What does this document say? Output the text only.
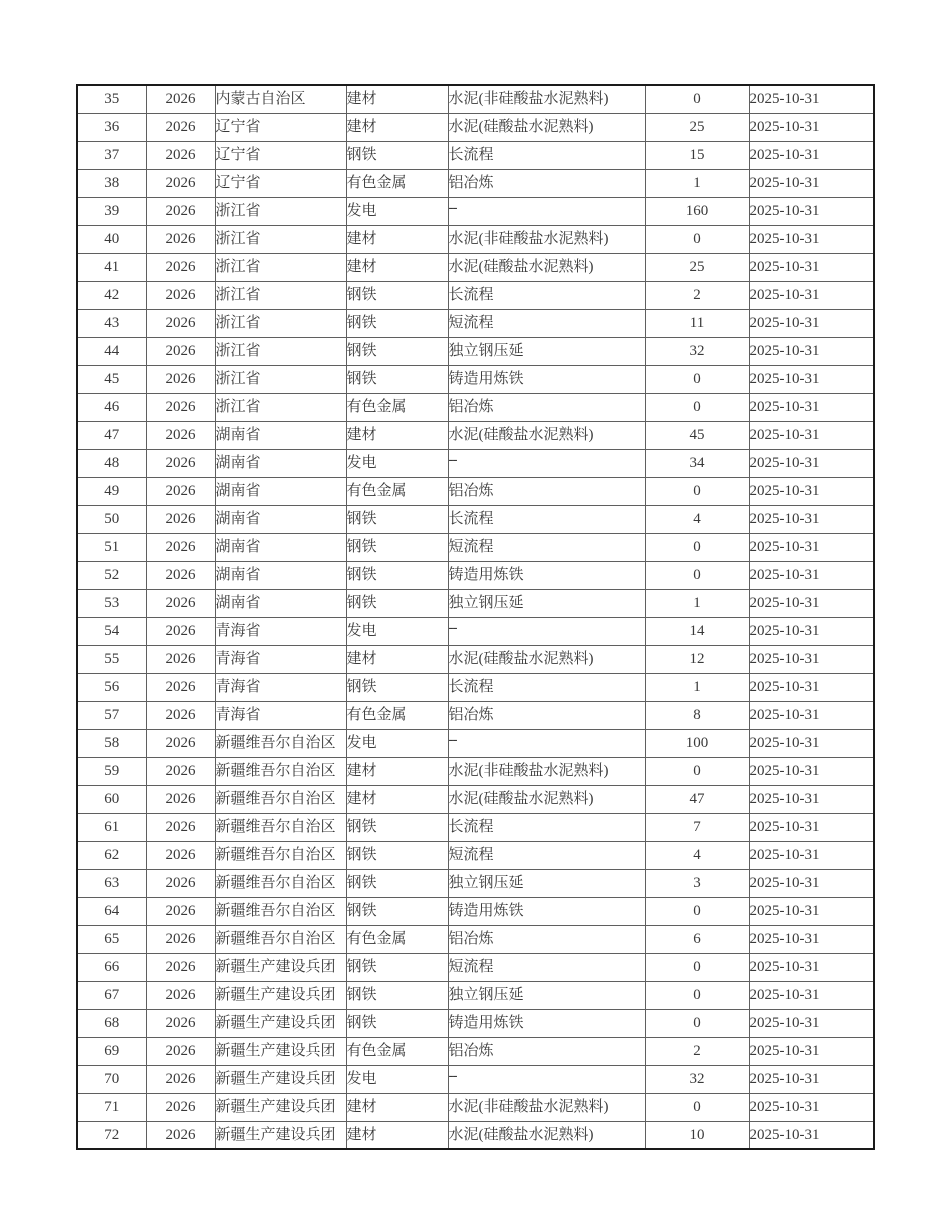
35	2026	内蒙古自治区	建材	水泥(非硅酸盐水泥熟料)	0	2025-10-31
36	2026	辽宁省	建材	水泥(硅酸盐水泥熟料)	25	2025-10-31
37	2026	辽宁省	钢铁	长流程	15	2025-10-31
38	2026	辽宁省	有色金属	铝冶炼	1	2025-10-31
39	2026	浙江省	发电	--	160	2025-10-31
40	2026	浙江省	建材	水泥(非硅酸盐水泥熟料)	0	2025-10-31
41	2026	浙江省	建材	水泥(硅酸盐水泥熟料)	25	2025-10-31
42	2026	浙江省	钢铁	长流程	2	2025-10-31
43	2026	浙江省	钢铁	短流程	11	2025-10-31
44	2026	浙江省	钢铁	独立钢压延	32	2025-10-31
45	2026	浙江省	钢铁	铸造用炼铁	0	2025-10-31
46	2026	浙江省	有色金属	铝冶炼	0	2025-10-31
47	2026	湖南省	建材	水泥(硅酸盐水泥熟料)	45	2025-10-31
48	2026	湖南省	发电	--	34	2025-10-31
49	2026	湖南省	有色金属	铝冶炼	0	2025-10-31
50	2026	湖南省	钢铁	长流程	4	2025-10-31
51	2026	湖南省	钢铁	短流程	0	2025-10-31
52	2026	湖南省	钢铁	铸造用炼铁	0	2025-10-31
53	2026	湖南省	钢铁	独立钢压延	1	2025-10-31
54	2026	青海省	发电	--	14	2025-10-31
55	2026	青海省	建材	水泥(硅酸盐水泥熟料)	12	2025-10-31
56	2026	青海省	钢铁	长流程	1	2025-10-31
57	2026	青海省	有色金属	铝冶炼	8	2025-10-31
58	2026	新疆维吾尔自治区	发电	--	100	2025-10-31
59	2026	新疆维吾尔自治区	建材	水泥(非硅酸盐水泥熟料)	0	2025-10-31
60	2026	新疆维吾尔自治区	建材	水泥(硅酸盐水泥熟料)	47	2025-10-31
61	2026	新疆维吾尔自治区	钢铁	长流程	7	2025-10-31
62	2026	新疆维吾尔自治区	钢铁	短流程	4	2025-10-31
63	2026	新疆维吾尔自治区	钢铁	独立钢压延	3	2025-10-31
64	2026	新疆维吾尔自治区	钢铁	铸造用炼铁	0	2025-10-31
65	2026	新疆维吾尔自治区	有色金属	铝冶炼	6	2025-10-31
66	2026	新疆生产建设兵团	钢铁	短流程	0	2025-10-31
67	2026	新疆生产建设兵团	钢铁	独立钢压延	0	2025-10-31
68	2026	新疆生产建设兵团	钢铁	铸造用炼铁	0	2025-10-31
69	2026	新疆生产建设兵团	有色金属	铝冶炼	2	2025-10-31
70	2026	新疆生产建设兵团	发电	--	32	2025-10-31
71	2026	新疆生产建设兵团	建材	水泥(非硅酸盐水泥熟料)	0	2025-10-31
72	2026	新疆生产建设兵团	建材	水泥(硅酸盐水泥熟料)	10	2025-10-31
